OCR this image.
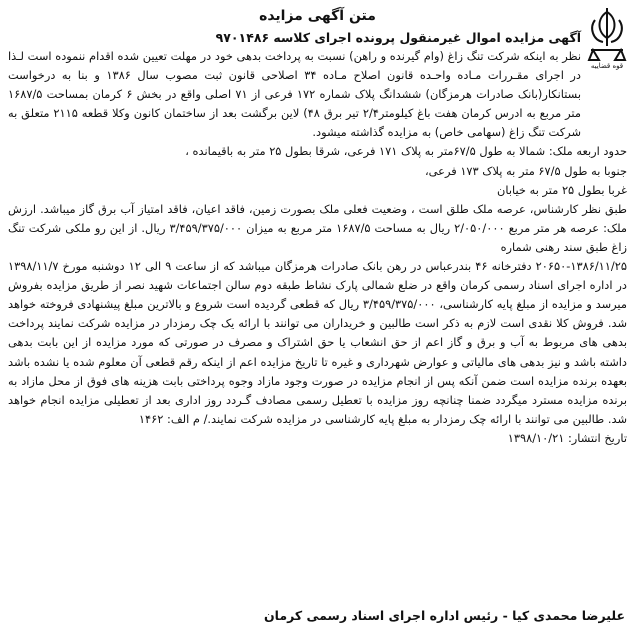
قوه قضاییه
متن آگهی مزایده
آگهی مزایده اموال غیرمنقول پرونده اجرای کلاسه ۹۷۰۱۴۸۶

نظر به اینکه شرکت تنگ زاغ (وام گیرنده و راهن) نسبت به پرداخت بدهی خود در مهلت تعیین شده اقدام ننموده است لـذا در اجرای مقـررات مـاده واحـده قانون اصلاح مـاده ۳۴ اصلاحی قانون ثبت مصوب سال ۱۳۸۶ و بنا به درخواست بستانکار(بانک صادرات هرمزگان) ششدانگ پلاک شماره ۱۷۲ فرعی از ۷۱ اصلی واقع در بخش ۶ کرمان بمساحت ۱۶۸۷/۵ متر مربع به ادرس کرمان هفت باغ کیلومتر۲/۴ تیر برق ۴۸) لاین برگشت بعد از ساختمان کانون وکلا قطعه ۲۱۱۵ متعلق به شرکت تنگ زاغ (سهامی خاص) به مزایده گذاشته میشود.

حدود اربعه ملک: شمالا به طول ۶۷/۵متر به پلاک ۱۷۱ فرعی، شرقا بطول ۲۵ متر به باقیمانده ،

جنوبا به طول ۶۷/۵ متر به پلاک ۱۷۳ فرعی،

غربا بطول ۲۵ متر به خیابان

طبق نظر کارشناس، عرصه ملک طلق است ، وضعیت فعلی ملک بصورت زمین، فاقد اعیان، فاقد امتیاز آب برق گاز میباشد. ارزش ملک: عرصه هر متر مربع ۲/۰۵۰/۰۰۰ ریال به مساحت ۱۶۸۷/۵ متر مربع به میزان ۳/۴۵۹/۳۷۵/۰۰۰ ریال. از این رو ملکی شرکت تنگ زاغ طبق سند رهنی شماره

۲۰۶۵۰-۱۳۸۶/۱۱/۲۵ دفترخانه ۴۶ بندرعباس در رهن بانک صادرات هرمزگان میباشد که از ساعت ۹ الی ۱۲ دوشنبه مورخ ۱۳۹۸/۱۱/۷ در اداره اجرای اسناد رسمی کرمان واقع در ضلع شمالی پارک نشاط طبقه دوم سالن اجتماعات شهید نصر از طریق مزایده بفروش میرسد و مزایده از مبلغ پایه کارشناسی، ۳/۴۵۹/۳۷۵/۰۰۰ ریال که قطعی گردیده است شروع و بالاترین مبلغ پیشنهادی فروخته خواهد شد. فروش کلا نقدی است لازم به ذکر است طالبین و خریداران می توانند با ارائه یک چک رمزدار در مزایده شرکت نمایند پرداخت بدهی های مربوط به آب و برق و گاز اعم از حق انشعاب یا حق اشتراک و مصرف در صورتی که مورد مزایده از این بابت بدهی داشته باشد و نیز بدهی های مالیاتی و عوارض شهرداری و غیره تا تاریخ مزایده اعم از اینکه رقم قطعی آن معلوم شده یا نشده باشد بعهده برنده مزایده است ضمن آنکه پس از انجام مزایده در صورت وجود مازاد وجوه پرداختی بابت هزینه های فوق از محل مازاد به برنده مزایده مسترد میگردد ضمنا چنانچه روز مزایده با تعطیل رسمی مصادف گـردد روز اداری بعد از تعطیلی مزایده انجام خواهد شد. طالبین می توانند با ارائه چک رمزدار به مبلغ پایه کارشناسی در مزایده شرکت نمایند./ م الف: ۱۴۶۲

تاریخ انتشار: ۱۳۹۸/۱۰/۲۱

علیرضا محمدی کیا - رئیس اداره اجرای اسناد رسمی کرمان
